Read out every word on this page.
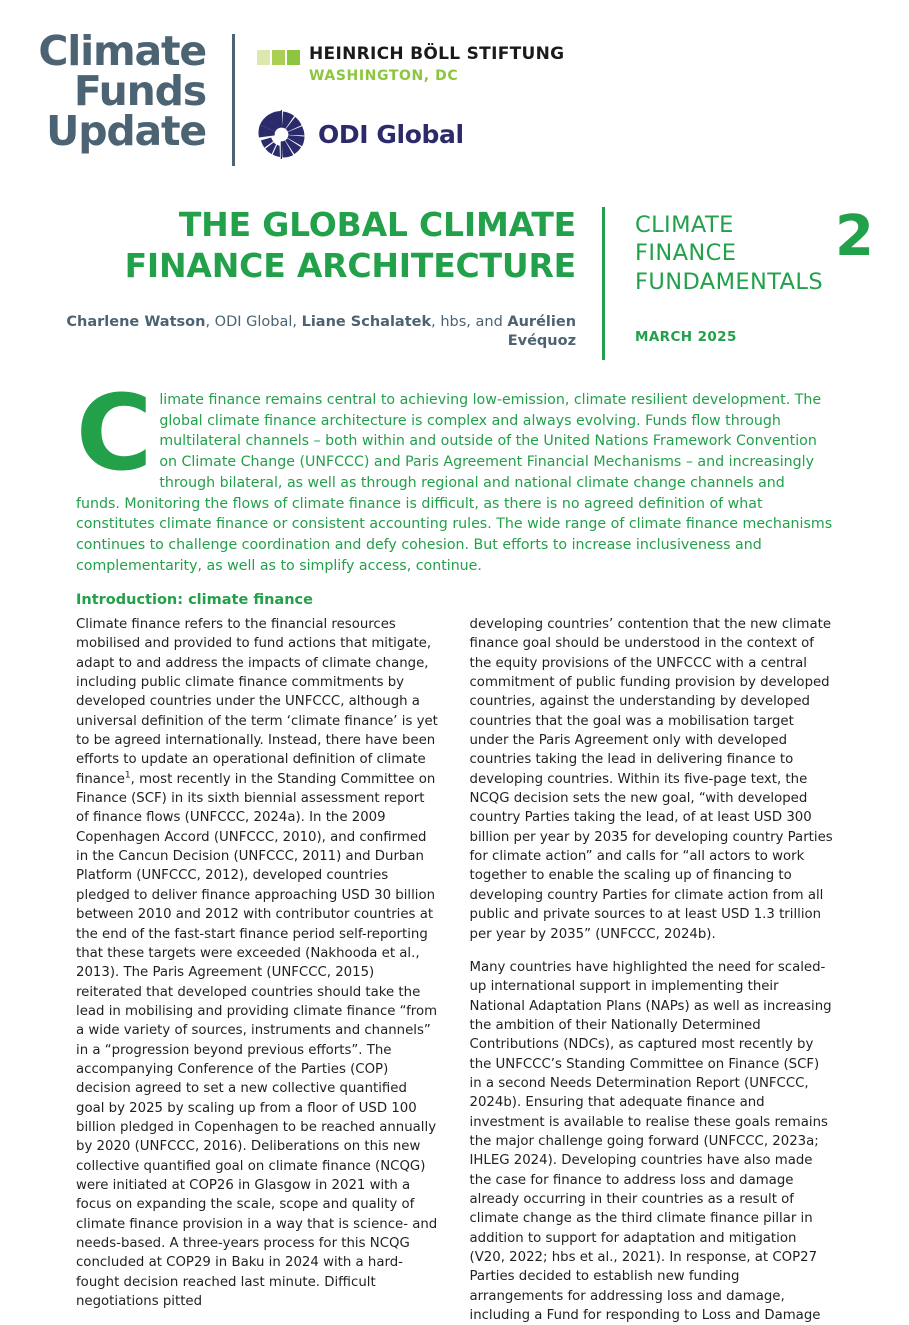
Climate
Funds
Update
HEINRICH BÖLL STIFTUNG
WASHINGTON, DC
ODI Global
THE GLOBAL CLIMATE
FINANCE ARCHITECTURE
Charlene Watson, ODI Global, Liane Schalatek, hbs, and Aurélien Evéquoz
CLIMATE
FINANCE
FUNDAMENTALS
2
MARCH 2025
Climate finance remains central to achieving low-emission, climate resilient development. The global climate finance architecture is complex and always evolving. Funds flow through multilateral channels – both within and outside of the United Nations Framework Convention on Climate Change (UNFCCC) and Paris Agreement Financial Mechanisms – and increasingly through bilateral, as well as through regional and national climate change channels and funds. Monitoring the flows of climate finance is difficult, as there is no agreed definition of what constitutes climate finance or consistent accounting rules. The wide range of climate finance mechanisms continues to challenge coordination and defy cohesion. But efforts to increase inclusiveness and complementarity, as well as to simplify access, continue.
Introduction: climate finance

Climate finance refers to the financial resources mobilised and provided to fund actions that mitigate, adapt to and address the impacts of climate change, including public climate finance commitments by developed countries under the UNFCCC, although a universal definition of the term ‘climate finance’ is yet to be agreed internationally. Instead, there have been efforts to update an operational definition of climate finance$^1$, most recently in the Standing Committee on Finance (SCF) in its sixth biennial assessment report of finance flows (UNFCCC, 2024a). In the 2009 Copenhagen Accord (UNFCCC, 2010), and confirmed in the Cancun Decision (UNFCCC, 2011) and Durban Platform (UNFCCC, 2012), developed countries pledged to deliver finance approaching USD 30 billion between 2010 and 2012 with contributor countries at the end of the fast-start finance period self-reporting that these targets were exceeded (Nakhooda et al., 2013). The Paris Agreement (UNFCCC, 2015) reiterated that developed countries should take the lead in mobilising and providing climate finance “from a wide variety of sources, instruments and channels” in a “progression beyond previous efforts”. The accompanying Conference of the Parties (COP) decision agreed to set a new collective quantified goal by 2025 by scaling up from a floor of USD 100 billion pledged in Copenhagen to be reached annually by 2020 (UNFCCC, 2016). Deliberations on this new collective quantified goal on climate finance (NCQG) were initiated at COP26 in Glasgow in 2021 with a focus on expanding the scale, scope and quality of climate finance provision in a way that is science- and needs-based. A three-years process for this NCQG concluded at COP29 in Baku in 2024 with a hard-fought decision reached last minute. Difficult negotiations pitted

developing countries’ contention that the new climate finance goal should be understood in the context of the equity provisions of the UNFCCC with a central commitment of public funding provision by developed countries, against the understanding by developed countries that the goal was a mobilisation target under the Paris Agreement only with developed countries taking the lead in delivering finance to developing countries. Within its five-page text, the NCQG decision sets the new goal, “with developed country Parties taking the lead, of at least USD 300 billion per year by 2035 for developing country Parties for climate action” and calls for “all actors to work together to enable the scaling up of financing to developing country Parties for climate action from all public and private sources to at least USD 1.3 trillion per year by 2035” (UNFCCC, 2024b).

Many countries have highlighted the need for scaled-up international support in implementing their National Adaptation Plans (NAPs) as well as increasing the ambition of their Nationally Determined Contributions (NDCs), as captured most recently by the UNFCCC’s Standing Committee on Finance (SCF) in a second Needs Determination Report (UNFCCC, 2024b). Ensuring that adequate finance and investment is available to realise these goals remains the major challenge going forward (UNFCCC, 2023a; IHLEG 2024). Developing countries have also made the case for finance to address loss and damage already occurring in their countries as a result of climate change as the third climate finance pillar in addition to support for adaptation and mitigation (V20, 2022; hbs et al., 2021). In response, at COP27 Parties decided to establish new funding arrangements for addressing loss and damage, including a Fund for responding to Loss and Damage
